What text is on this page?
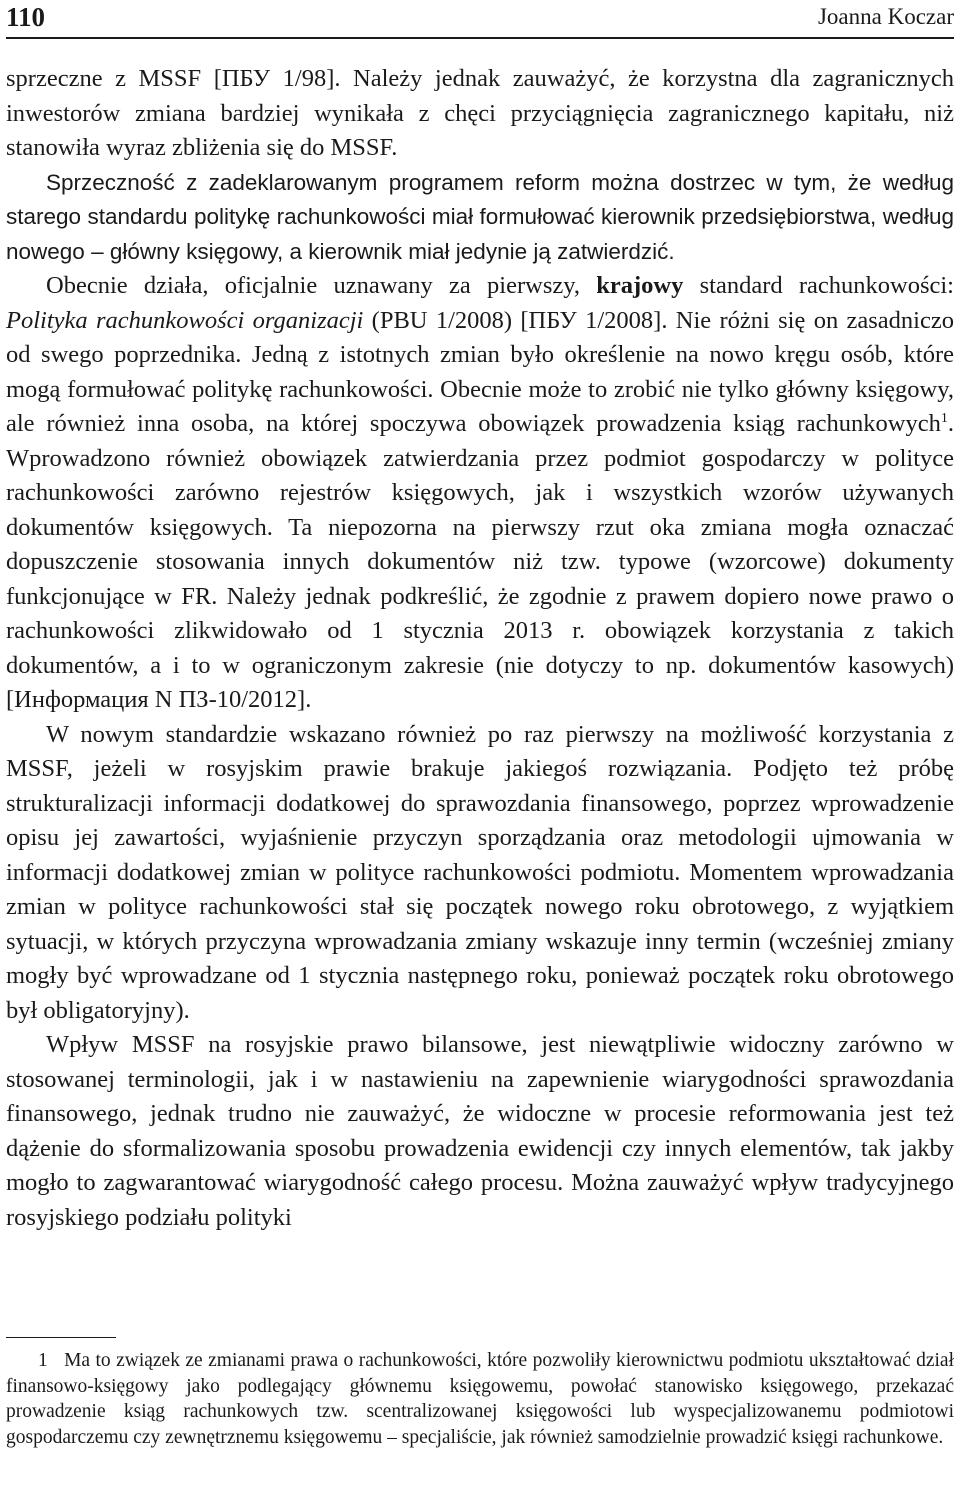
110	Joanna Koczar

sprzeczne z MSSF [ПБУ 1/98]. Należy jednak zauważyć, że korzystna dla zagranicznych inwestorów zmiana bardziej wynikała z chęci przyciągnięcia zagranicznego kapitału, niż stanowiła wyraz zbliżenia się do MSSF.

Sprzeczność z zadeklarowanym programem reform można dostrzec w tym, że według starego standardu politykę rachunkowości miał formułować kierownik przedsiębiorstwa, według nowego – główny księgowy, a kierownik miał jedynie ją zatwierdzić.

Obecnie działa, oficjalnie uznawany za pierwszy, krajowy standard rachunkowości: Polityka rachunkowości organizacji (PBU 1/2008) [ПБУ 1/2008]. Nie różni się on zasadniczo od swego poprzednika. Jedną z istotnych zmian było określenie na nowo kręgu osób, które mogą formułować politykę rachunkowości. Obecnie może to zrobić nie tylko główny księgowy, ale również inna osoba, na której spoczywa obowiązek prowadzenia ksiąg rachunkowych$^1$. Wprowadzono również obowiązek zatwierdzania przez podmiot gospodarczy w polityce rachunkowości zarówno rejestrów księgowych, jak i wszystkich wzorów używanych dokumentów księgowych. Ta niepozorna na pierwszy rzut oka zmiana mogła oznaczać dopuszczenie stosowania innych dokumentów niż tzw. typowe (wzorcowe) dokumenty funkcjonujące w FR. Należy jednak podkreślić, że zgodnie z prawem dopiero nowe prawo o rachunkowości zlikwidowało od 1 stycznia 2013 r. obowiązek korzystania z takich dokumentów, a i to w ograniczonym zakresie (nie dotyczy to np. dokumentów kasowych) [Информация N ПЗ-10/2012].

W nowym standardzie wskazano również po raz pierwszy na możliwość korzystania z MSSF, jeżeli w rosyjskim prawie brakuje jakiegoś rozwiązania. Podjęto też próbę strukturalizacji informacji dodatkowej do sprawozdania finansowego, poprzez wprowadzenie opisu jej zawartości, wyjaśnienie przyczyn sporządzania oraz metodologii ujmowania w informacji dodatkowej zmian w polityce rachunkowości podmiotu. Momentem wprowadzania zmian w polityce rachunkowości stał się początek nowego roku obrotowego, z wyjątkiem sytuacji, w których przyczyna wprowadzania zmiany wskazuje inny termin (wcześniej zmiany mogły być wprowadzane od 1 stycznia następnego roku, ponieważ początek roku obrotowego był obligatoryjny).

Wpływ MSSF na rosyjskie prawo bilansowe, jest niewątpliwie widoczny zarówno w stosowanej terminologii, jak i w nastawieniu na zapewnienie wiarygodności sprawozdania finansowego, jednak trudno nie zauważyć, że widoczne w procesie reformowania jest też dążenie do sformalizowania sposobu prowadzenia ewidencji czy innych elementów, tak jakby mogło to zagwarantować wiarygodność całego procesu. Można zauważyć wpływ tradycyjnego rosyjskiego podziału polityki

1 Ma to związek ze zmianami prawa o rachunkowości, które pozwoliły kierownictwu podmiotu ukształtować dział finansowo-księgowy jako podlegający głównemu księgowemu, powołać stanowisko księgowego, przekazać prowadzenie ksiąg rachunkowych tzw. scentralizowanej księgowości lub wyspecjalizowanemu podmiotowi gospodarczemu czy zewnętrznemu księgowemu – specjaliście, jak również samodzielnie prowadzić księgi rachunkowe.
